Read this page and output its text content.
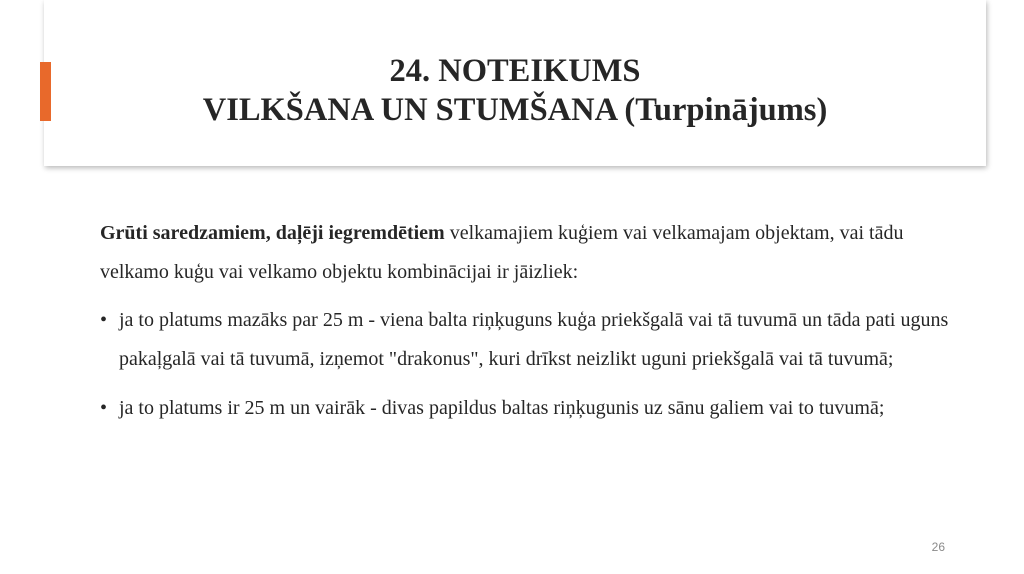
24. NOTEIKUMS
VILKŠANA UN STUMŠANA (Turpinājums)

Grūti saredzamiem, daļēji iegremdētiem velkamajiem kuģiem vai velkamajam objektam, vai tādu velkamo kuģu vai velkamo objektu kombinācijai ir jāizliek:

• ja to platums mazāks par 25 m - viena balta riņķuguns kuģa priekšgalā vai tā tuvumā un tāda pati uguns pakaļgalā vai tā tuvumā, izņemot "drakonus", kuri drīkst neizlikt uguni priekšgalā vai tā tuvumā;
• ja to platums ir 25 m un vairāk - divas papildus baltas riņķugunis uz sānu galiem vai to tuvumā;
26
